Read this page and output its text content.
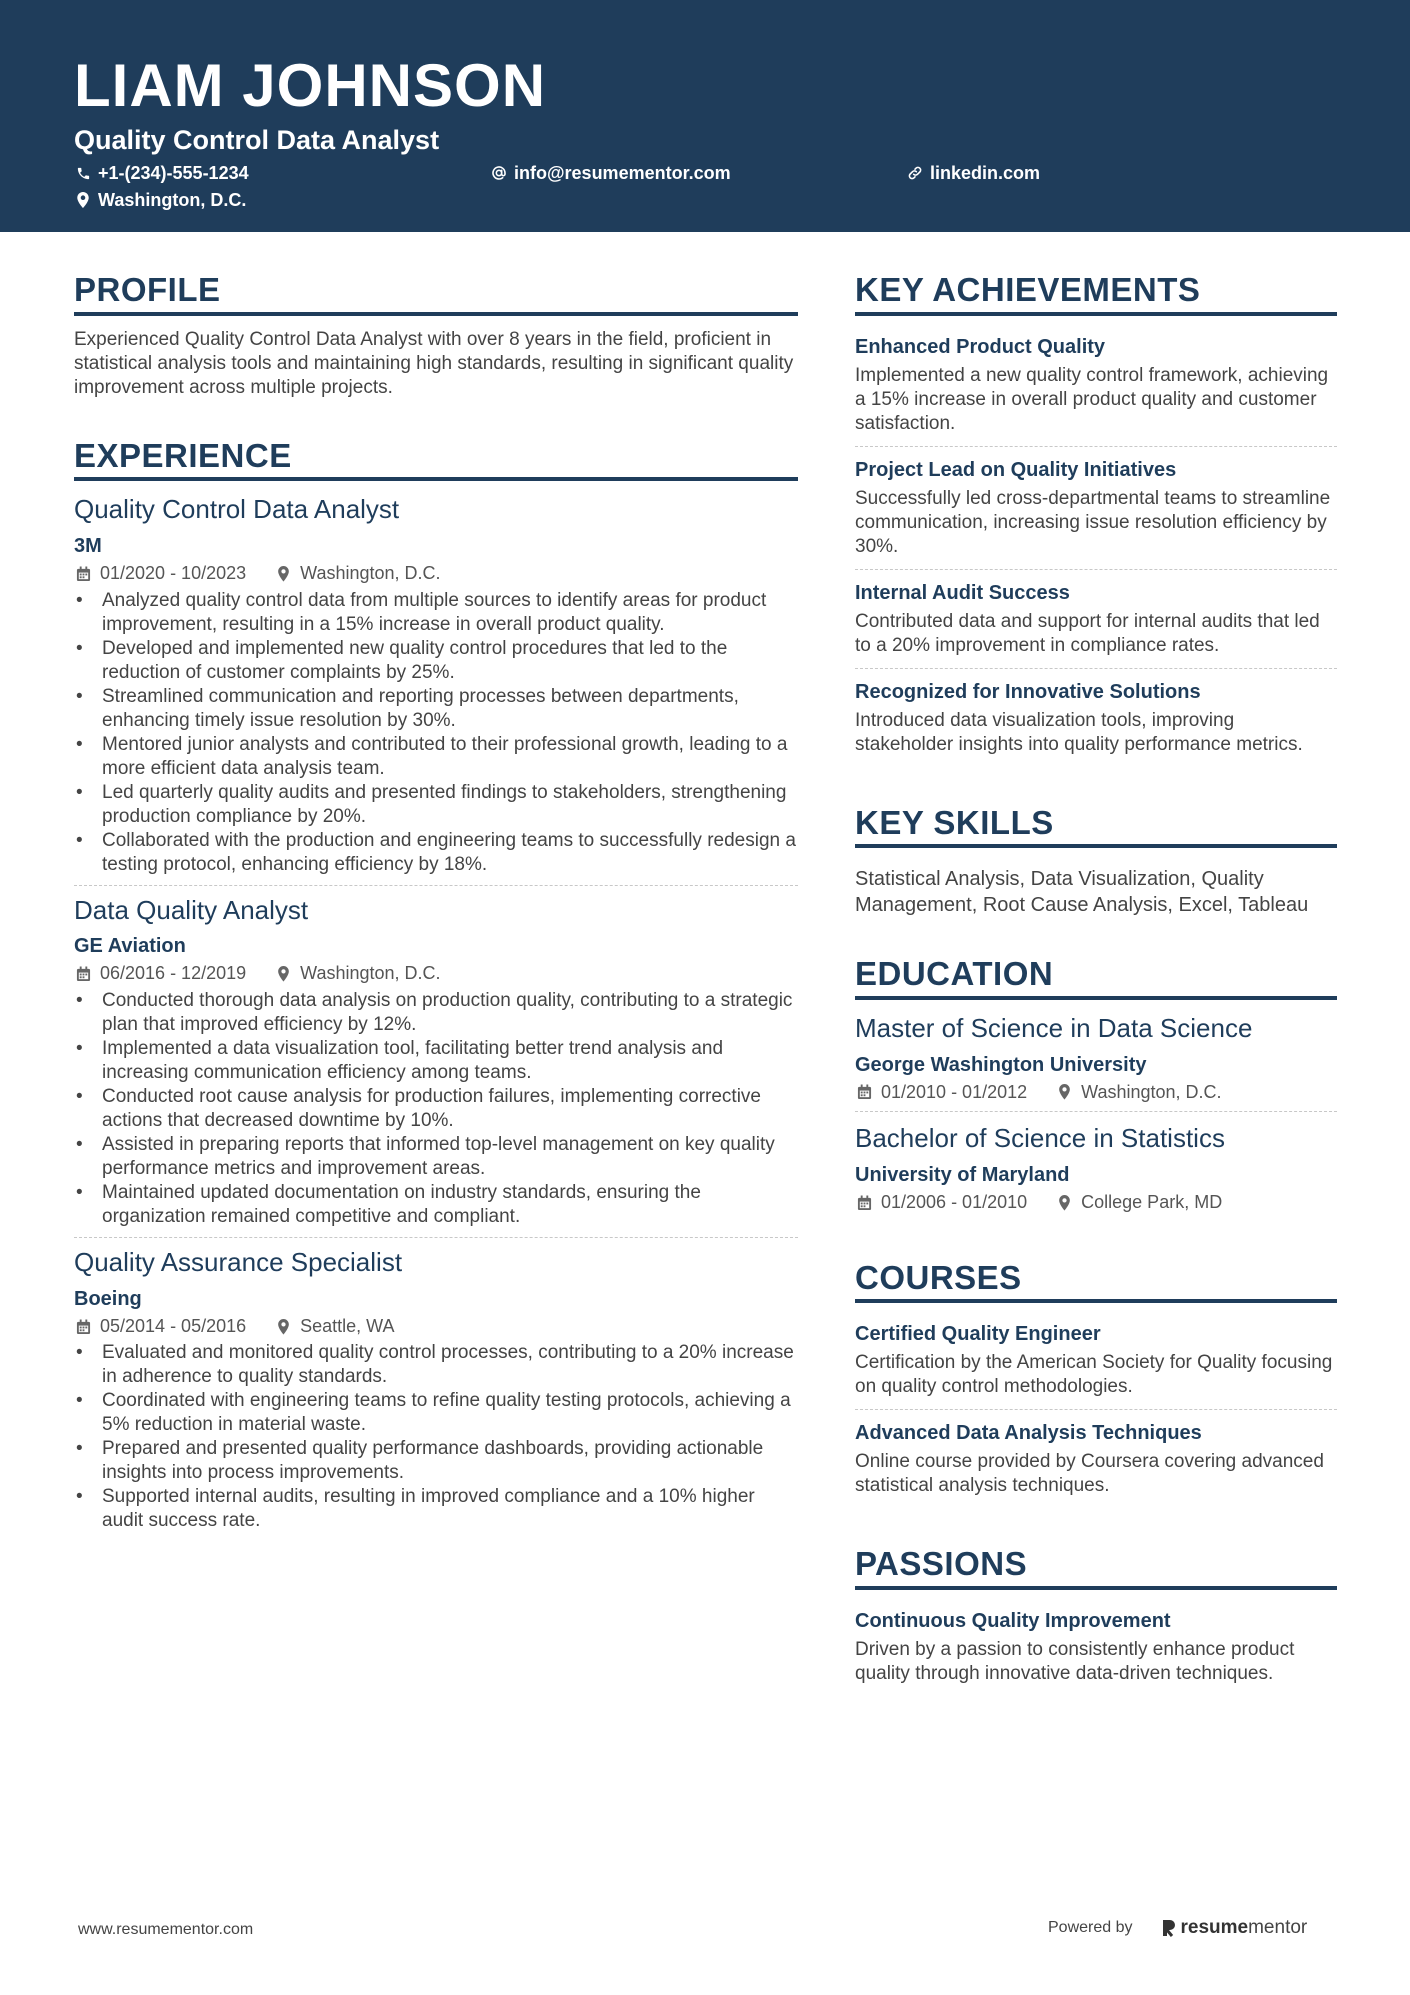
LIAM JOHNSON
Quality Control Data Analyst
+1-(234)-555-1234	info@resumementor.com	linkedin.com
Washington, D.C.
PROFILE
Experienced Quality Control Data Analyst with over 8 years in the field, proficient in statistical analysis tools and maintaining high standards, resulting in significant quality improvement across multiple projects.
EXPERIENCE
Quality Control Data Analyst
3M
01/2020 - 10/2023	Washington, D.C.
• Analyzed quality control data from multiple sources to identify areas for product improvement, resulting in a 15% increase in overall product quality.
• Developed and implemented new quality control procedures that led to the reduction of customer complaints by 25%.
• Streamlined communication and reporting processes between departments, enhancing timely issue resolution by 30%.
• Mentored junior analysts and contributed to their professional growth, leading to a more efficient data analysis team.
• Led quarterly quality audits and presented findings to stakeholders, strengthening production compliance by 20%.
• Collaborated with the production and engineering teams to successfully redesign a testing protocol, enhancing efficiency by 18%.
Data Quality Analyst
GE Aviation
06/2016 - 12/2019	Washington, D.C.
• Conducted thorough data analysis on production quality, contributing to a strategic plan that improved efficiency by 12%.
• Implemented a data visualization tool, facilitating better trend analysis and increasing communication efficiency among teams.
• Conducted root cause analysis for production failures, implementing corrective actions that decreased downtime by 10%.
• Assisted in preparing reports that informed top-level management on key quality performance metrics and improvement areas.
• Maintained updated documentation on industry standards, ensuring the organization remained competitive and compliant.
Quality Assurance Specialist
Boeing
05/2014 - 05/2016	Seattle, WA
• Evaluated and monitored quality control processes, contributing to a 20% increase in adherence to quality standards.
• Coordinated with engineering teams to refine quality testing protocols, achieving a 5% reduction in material waste.
• Prepared and presented quality performance dashboards, providing actionable insights into process improvements.
• Supported internal audits, resulting in improved compliance and a 10% higher audit success rate.
KEY ACHIEVEMENTS
Enhanced Product Quality
Implemented a new quality control framework, achieving a 15% increase in overall product quality and customer satisfaction.
Project Lead on Quality Initiatives
Successfully led cross-departmental teams to streamline communication, increasing issue resolution efficiency by 30%.
Internal Audit Success
Contributed data and support for internal audits that led to a 20% improvement in compliance rates.
Recognized for Innovative Solutions
Introduced data visualization tools, improving stakeholder insights into quality performance metrics.
KEY SKILLS
Statistical Analysis, Data Visualization, Quality Management, Root Cause Analysis, Excel, Tableau
EDUCATION
Master of Science in Data Science
George Washington University
01/2010 - 01/2012	Washington, D.C.
Bachelor of Science in Statistics
University of Maryland
01/2006 - 01/2010	College Park, MD
COURSES
Certified Quality Engineer
Certification by the American Society for Quality focusing on quality control methodologies.
Advanced Data Analysis Techniques
Online course provided by Coursera covering advanced statistical analysis techniques.
PASSIONS
Continuous Quality Improvement
Driven by a passion to consistently enhance product quality through innovative data-driven techniques.
www.resumementor.com	Powered by	resume mentor
